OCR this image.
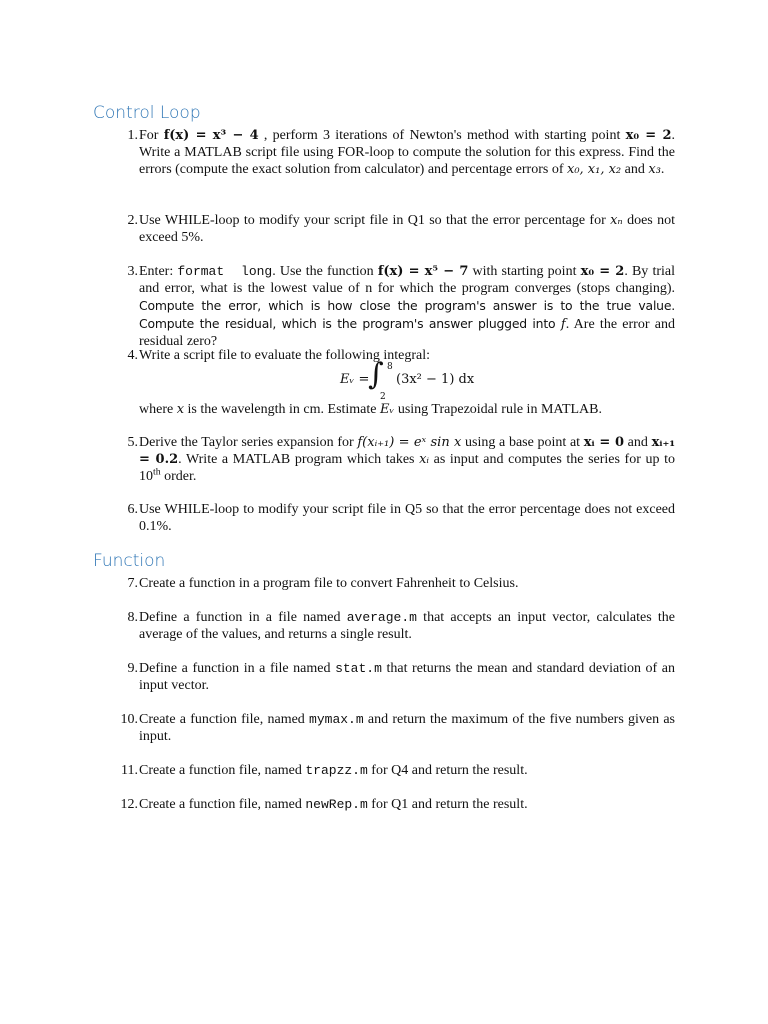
Control Loop
1. For f(x) = x³ − 4 , perform 3 iterations of Newton's method with starting point x₀ = 2. Write a MATLAB script file using FOR-loop to compute the solution for this express. Find the errors (compute the exact solution from calculator) and percentage errors of x₀, x₁, x₂ and x₃.
2. Use WHILE-loop to modify your script file in Q1 so that the error percentage for xₙ does not exceed 5%.
3. Enter: format  long. Use the function f(x) = x⁵ − 7 with starting point x₀ = 2. By trial and error, what is the lowest value of n for which the program converges (stops changing). Compute the error, which is how close the program's answer is to the true value. Compute the residual, which is the program's answer plugged into f. Are the error and residual zero?
4. Write a script file to evaluate the following integral:
Eᵥ =
∫ 8
2
(3x² − 1) dx
where x is the wavelength in cm. Estimate Eᵥ using Trapezoidal rule in MATLAB.
5. Derive the Taylor series expansion for f(xᵢ₊₁) = eˣ sin x using a base point at xᵢ = 0 and xᵢ₊₁ = 0.2. Write a MATLAB program which takes xᵢ as input and computes the series for up to 10th order.
6. Use WHILE-loop to modify your script file in Q5 so that the error percentage does not exceed 0.1%.
Function
7. Create a function in a program file to convert Fahrenheit to Celsius.
8. Define a function in a file named average.m that accepts an input vector, calculates the average of the values, and returns a single result.
9. Define a function in a file named stat.m that returns the mean and standard deviation of an input vector.
10. Create a function file, named mymax.m and return the maximum of the five numbers given as input.
11. Create a function file, named trapzz.m for Q4 and return the result.
12. Create a function file, named newRep.m for Q1 and return the result.
